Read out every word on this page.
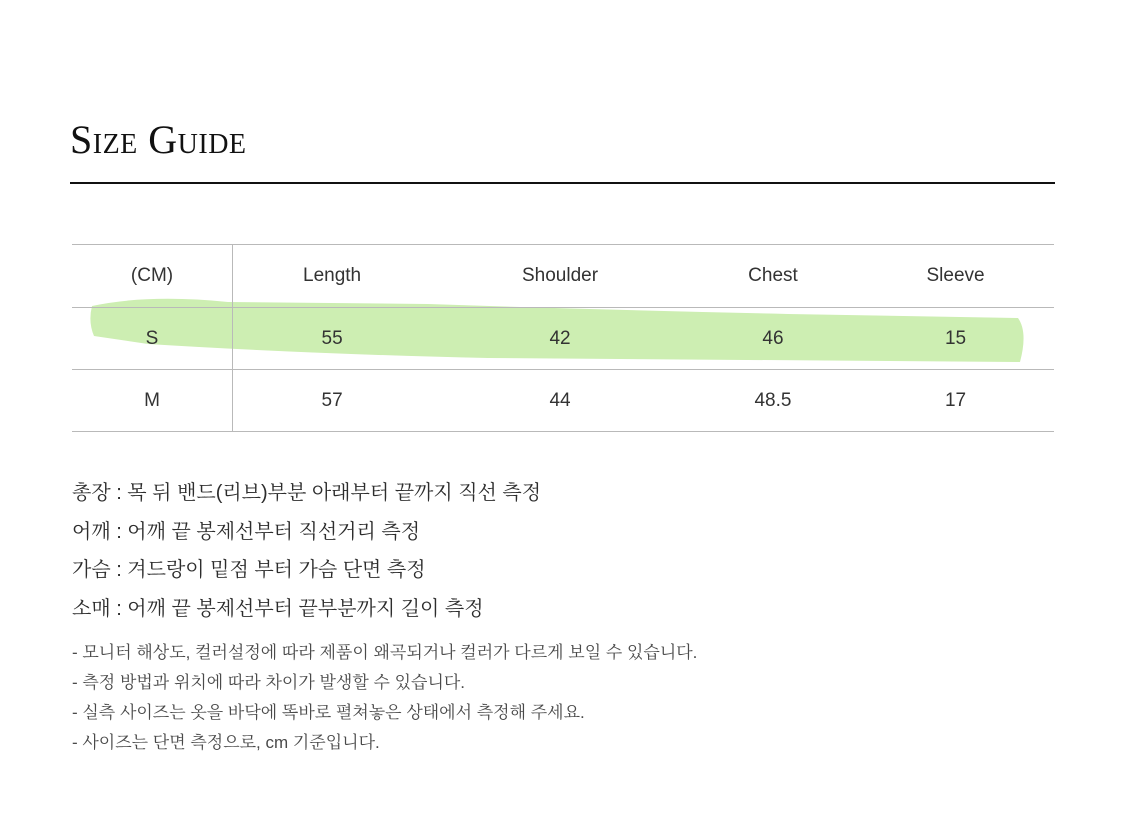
Size Guide
(CM)	Length	Shoulder	Chest	Sleeve
S	55	42	46	15
M	57	44	48.5	17
총장 : 목 뒤 밴드(리브)부분 아래부터 끝까지 직선 측정
어깨 : 어깨 끝 봉제선부터 직선거리 측정
가슴 : 겨드랑이 밑점 부터 가슴 단면 측정
소매 : 어깨 끝 봉제선부터 끝부분까지 길이 측정
- 모니터 해상도, 컬러설정에 따라 제품이 왜곡되거나 컬러가 다르게 보일 수 있습니다.
- 측정 방법과 위치에 따라 차이가 발생할 수 있습니다.
- 실측 사이즈는 옷을 바닥에 똑바로 펼쳐놓은 상태에서 측정해 주세요.
- 사이즈는 단면 측정으로, cm 기준입니다.
